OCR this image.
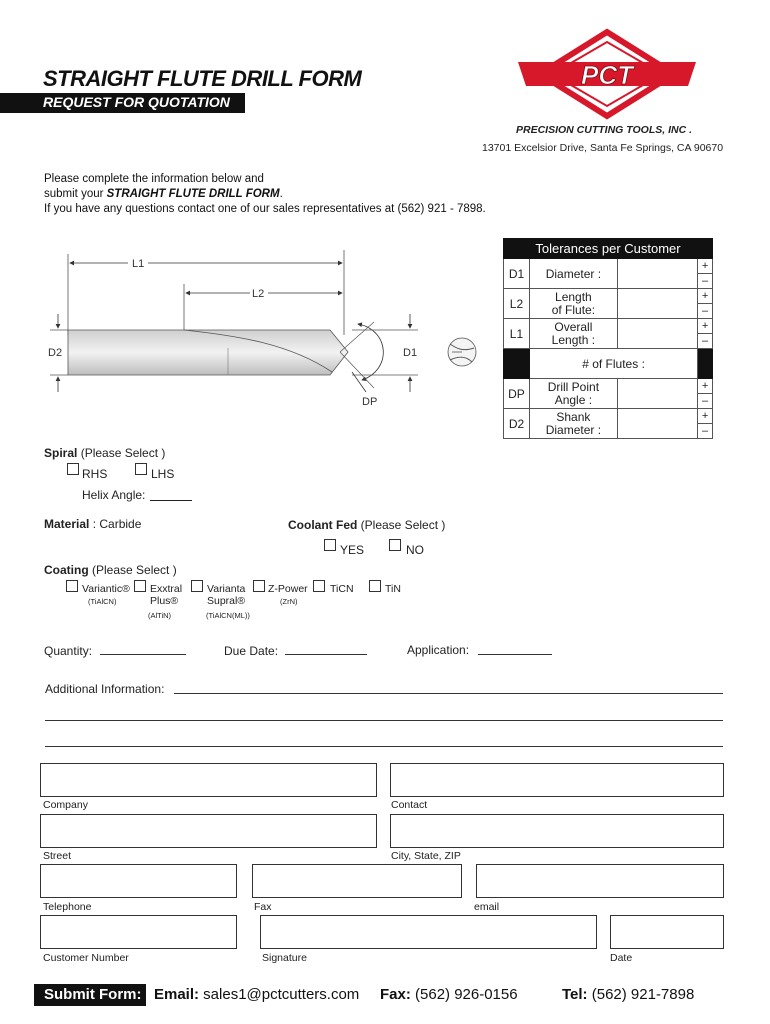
STRAIGHT FLUTE DRILL FORM
REQUEST FOR QUOTATION
PCT
PRECISION CUTTING TOOLS, INC .
13701 Excelsior Drive, Santa Fe Springs, CA 90670
Please complete the information below and
submit your STRAIGHT FLUTE DRILL FORM.
If you have any questions contact one of our sales representatives at (562) 921 - 7898.
L1
L2
D2
DP
D1
Tolerances per Customer			
D1	Diameter :		+
			–
L2	Length
of Flute:		+
			–
L1	Overall
Length :		+
			–
	# of Flutes :		
DP	Drill Point
Angle :		+
			–
D2	Shank
Diameter :		+
			–
Spiral (Please Select )
RHS	LHS
Helix Angle:
Material : Carbide	Coolant Fed (Please Select )
YES	NO
Coating (Please Select )
Variantic®
(TiAlCN)
Exxtral
Plus®
(AlTiN)
Varianta
Supral®
(TiAlCN(ML))
Z-Power
(ZrN)
TiCN	TiN
Quantity:	Due Date:	Application:
Additional Information:
Company	Contact
Street	City, State, ZIP
Telephone	Fax	email
Customer Number	Signature	Date
Submit Form: Email: sales1@pctcutters.com Fax: (562) 926-0156	Tel: (562) 921-7898
